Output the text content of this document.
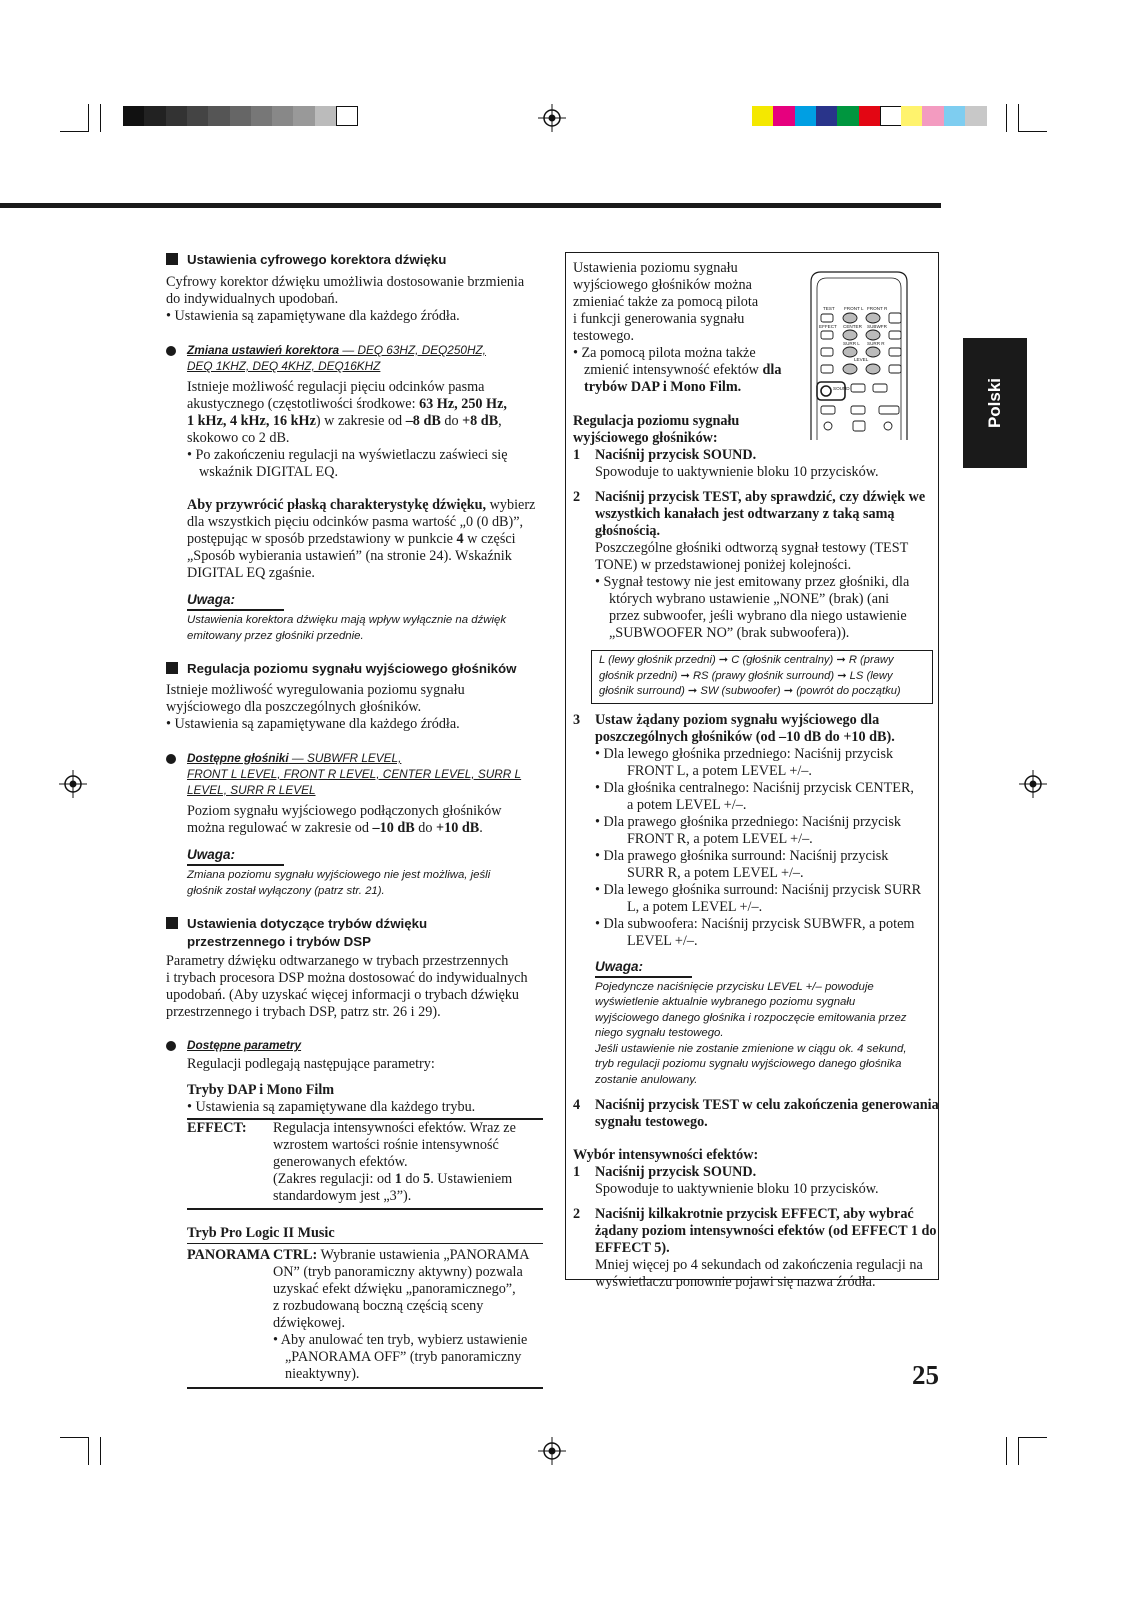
Polski
Ustawienia cyfrowego korektora dźwięku
Cyfrowy korektor dźwięku umożliwia dostosowanie brzmienia
do indywidualnych upodobań.
• Ustawienia są zapamiętywane dla każdego źródła.
Zmiana ustawień korektora — DEQ 63HZ, DEQ250HZ,
DEQ 1KHZ, DEQ 4KHZ, DEQ16KHZ
Istnieje możliwość regulacji pięciu odcinków pasma
akustycznego (częstotliwości środkowe: 63 Hz, 250 Hz,
1 kHz, 4 kHz, 16 kHz) w zakresie od –8 dB do +8 dB,
skokowo co 2 dB.
• Po zakończeniu regulacji na wyświetlaczu zaświeci się
wskaźnik DIGITAL EQ.
Aby przywrócić płaską charakterystykę dźwięku, wybierz
dla wszystkich pięciu odcinków pasma wartość „0 (0 dB)”,
postępując w sposób przedstawiony w punkcie 4 w części
„Sposób wybierania ustawień” (na stronie 24). Wskaźnik
DIGITAL EQ zgaśnie.
Uwaga:
Ustawienia korektora dźwięku mają wpływ wyłącznie na dźwięk
emitowany przez głośniki przednie.
Regulacja poziomu sygnału wyjściowego głośników
Istnieje możliwość wyregulowania poziomu sygnału
wyjściowego dla poszczególnych głośników.
• Ustawienia są zapamiętywane dla każdego źródła.
Dostępne głośniki — SUBWFR LEVEL,
FRONT L LEVEL, FRONT R LEVEL, CENTER LEVEL, SURR L
LEVEL, SURR R LEVEL
Poziom sygnału wyjściowego podłączonych głośników
można regulować w zakresie od –10 dB do +10 dB.
Uwaga:
Zmiana poziomu sygnału wyjściowego nie jest możliwa, jeśli
głośnik został wyłączony (patrz str. 21).
Ustawienia dotyczące trybów dźwięku
przestrzennego i trybów DSP
Parametry dźwięku odtwarzanego w trybach przestrzennych
i trybach procesora DSP można dostosować do indywidualnych
upodobań. (Aby uzyskać więcej informacji o trybach dźwięku
przestrzennego i trybach DSP, patrz str. 26 i 29).
Dostępne parametry
Regulacji podlegają następujące parametry:
Tryby DAP i Mono Film
• Ustawienia są zapamiętywane dla każdego trybu.
EFFECT: Regulacja intensywności efektów. Wraz ze
wzrostem wartości rośnie intensywność
generowanych efektów.
(Zakres regulacji: od 1 do 5. Ustawieniem
standardowym jest „3”).
Tryb Pro Logic II Music
PANORAMA CTRL: Wybranie ustawienia „PANORAMA
ON” (tryb panoramiczny aktywny) pozwala
uzyskać efekt dźwięku „panoramicznego”,
z rozbudowaną boczną częścią sceny
dźwiękowej.
• Aby anulować ten tryb, wybierz ustawienie
„PANORAMA OFF” (tryb panoramiczny
nieaktywny).
TEST FRONT L FRONT R
EFFECT CENTER SUBWFR
SURR L SURR R
LEVEL
SOUND
Ustawienia poziomu sygnału
wyjściowego głośników można
zmieniać także za pomocą pilota
i funkcji generowania sygnału
testowego.
• Za pomocą pilota można także
zmienić intensywność efektów dla
trybów DAP i Mono Film.
Regulacja poziomu sygnału
wyjściowego głośników:
1 Naciśnij przycisk SOUND.
Spowoduje to uaktywnienie bloku 10 przycisków.
2 Naciśnij przycisk TEST, aby sprawdzić, czy dźwięk we
wszystkich kanałach jest odtwarzany z taką samą
głośnością.
Poszczególne głośniki odtworzą sygnał testowy (TEST
TONE) w przedstawionej poniżej kolejności.
• Sygnał testowy nie jest emitowany przez głośniki, dla
których wybrano ustawienie „NONE” (brak) (ani
przez subwoofer, jeśli wybrano dla niego ustawienie
„SUBWOOFER NO” (brak subwoofera)).
L (lewy głośnik przedni) ➞ C (głośnik centralny) ➞ R (prawy
głośnik przedni) ➞ RS (prawy głośnik surround) ➞ LS (lewy
głośnik surround) ➞ SW (subwoofer) ➞ (powrót do początku)
3 Ustaw żądany poziom sygnału wyjściowego dla
poszczególnych głośników (od –10 dB do +10 dB).
• Dla lewego głośnika przedniego: Naciśnij przycisk
FRONT L, a potem LEVEL +/–.
• Dla głośnika centralnego: Naciśnij przycisk CENTER,
a potem LEVEL +/–.
• Dla prawego głośnika przedniego: Naciśnij przycisk
FRONT R, a potem LEVEL +/–.
• Dla prawego głośnika surround: Naciśnij przycisk
SURR R, a potem LEVEL +/–.
• Dla lewego głośnika surround: Naciśnij przycisk SURR
L, a potem LEVEL +/–.
• Dla subwoofera: Naciśnij przycisk SUBWFR, a potem
LEVEL +/–.
Uwaga:
Pojedyncze naciśnięcie przycisku LEVEL +/– powoduje
wyświetlenie aktualnie wybranego poziomu sygnału
wyjściowego danego głośnika i rozpoczęcie emitowania przez
niego sygnału testowego.
Jeśli ustawienie nie zostanie zmienione w ciągu ok. 4 sekund,
tryb regulacji poziomu sygnału wyjściowego danego głośnika
zostanie anulowany.
4 Naciśnij przycisk TEST w celu zakończenia generowania
sygnału testowego.
Wybór intensywności efektów:
1 Naciśnij przycisk SOUND.
Spowoduje to uaktywnienie bloku 10 przycisków.
2 Naciśnij kilkakrotnie przycisk EFFECT, aby wybrać
żądany poziom intensywności efektów (od EFFECT 1 do
EFFECT 5).
Mniej więcej po 4 sekundach od zakończenia regulacji na
wyświetlaczu ponownie pojawi się nazwa źródła.
25
